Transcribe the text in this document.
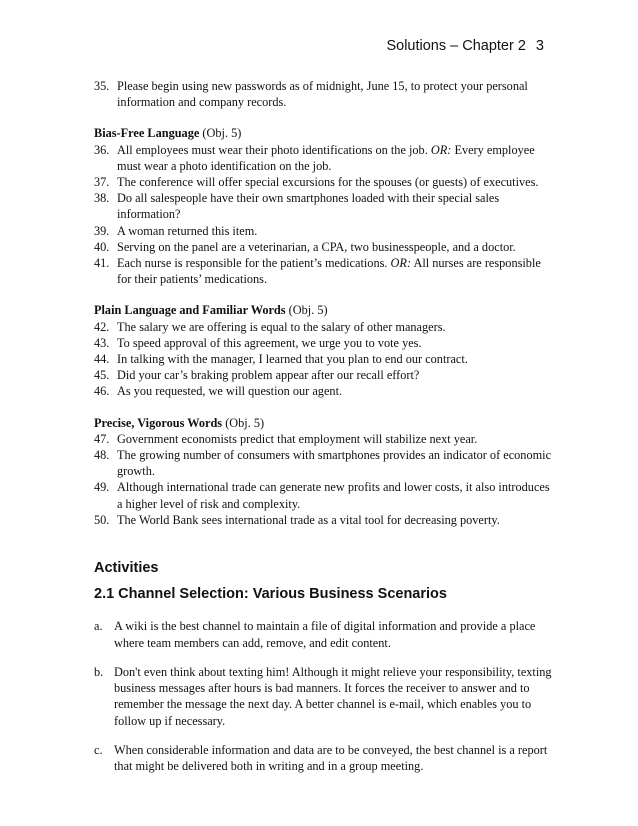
Solutions – Chapter 2 3
35. Please begin using new passwords as of midnight, June 15, to protect your personal information and company records.
Bias-Free Language (Obj. 5)
36. All employees must wear their photo identifications on the job. OR: Every employee must wear a photo identification on the job.
37. The conference will offer special excursions for the spouses (or guests) of executives.
38. Do all salespeople have their own smartphones loaded with their special sales information?
39. A woman returned this item.
40. Serving on the panel are a veterinarian, a CPA, two businesspeople, and a doctor.
41. Each nurse is responsible for the patient’s medications. OR: All nurses are responsible for their patients’ medications.
Plain Language and Familiar Words (Obj. 5)
42. The salary we are offering is equal to the salary of other managers.
43. To speed approval of this agreement, we urge you to vote yes.
44. In talking with the manager, I learned that you plan to end our contract.
45. Did your car’s braking problem appear after our recall effort?
46. As you requested, we will question our agent.
Precise, Vigorous Words (Obj. 5)
47. Government economists predict that employment will stabilize next year.
48. The growing number of consumers with smartphones provides an indicator of economic growth.
49. Although international trade can generate new profits and lower costs, it also introduces a higher level of risk and complexity.
50. The World Bank sees international trade as a vital tool for decreasing poverty.
Activities
2.1 Channel Selection: Various Business Scenarios
a. A wiki is the best channel to maintain a file of digital information and provide a place where team members can add, remove, and edit content.
b. Don't even think about texting him! Although it might relieve your responsibility, texting business messages after hours is bad manners. It forces the receiver to answer and to remember the message the next day. A better channel is e-mail, which enables you to follow up if necessary.
c. When considerable information and data are to be conveyed, the best channel is a report that might be delivered both in writing and in a group meeting.
